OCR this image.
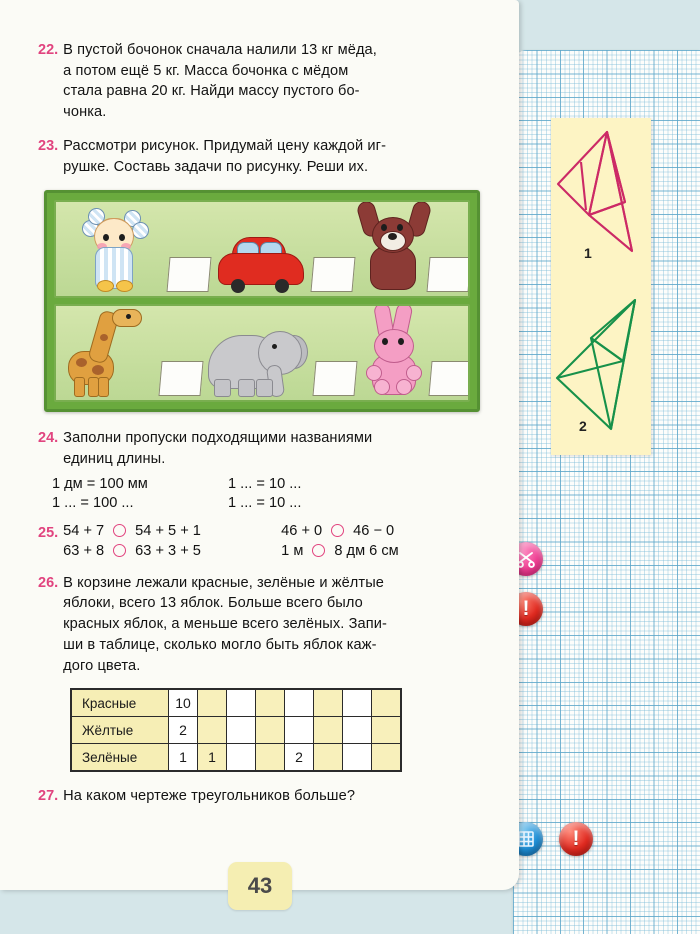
1
2
!
!
22. В пустой бочонок сначала налили 13 кг мёда,

а потом ещё 5 кг. Масса бочонка с мёдом

стала равна 20 кг. Найди массу пустого бо-

чонка.

23. Рассмотри рисунок. Придумай цену каждой иг-

рушке. Составь задачи по рисунку. Реши их.

24. Заполни пропуски подходящими названиями

единиц длины.

1 дм = 100 мм	1 ... = 10 ...
1 ... = 100 ...	1 ... = 10 ...
25. 54 + 7 54 + 5 + 1	46 + 0 46 − 0
63 + 8 63 + 3 + 5	1 м 8 дм 6 см
26. В корзине лежали красные, зелёные и жёлтые

яблоки, всего 13 яблок. Больше всего было

красных яблок, а меньше всего зелёных. Запи-

ши в таблице, сколько могло быть яблок каж-

дого цвета.

Красные	10							
Жёлтые	2							
Зелёные	1	1			2			
27. На каком чертеже треугольников больше?

43
